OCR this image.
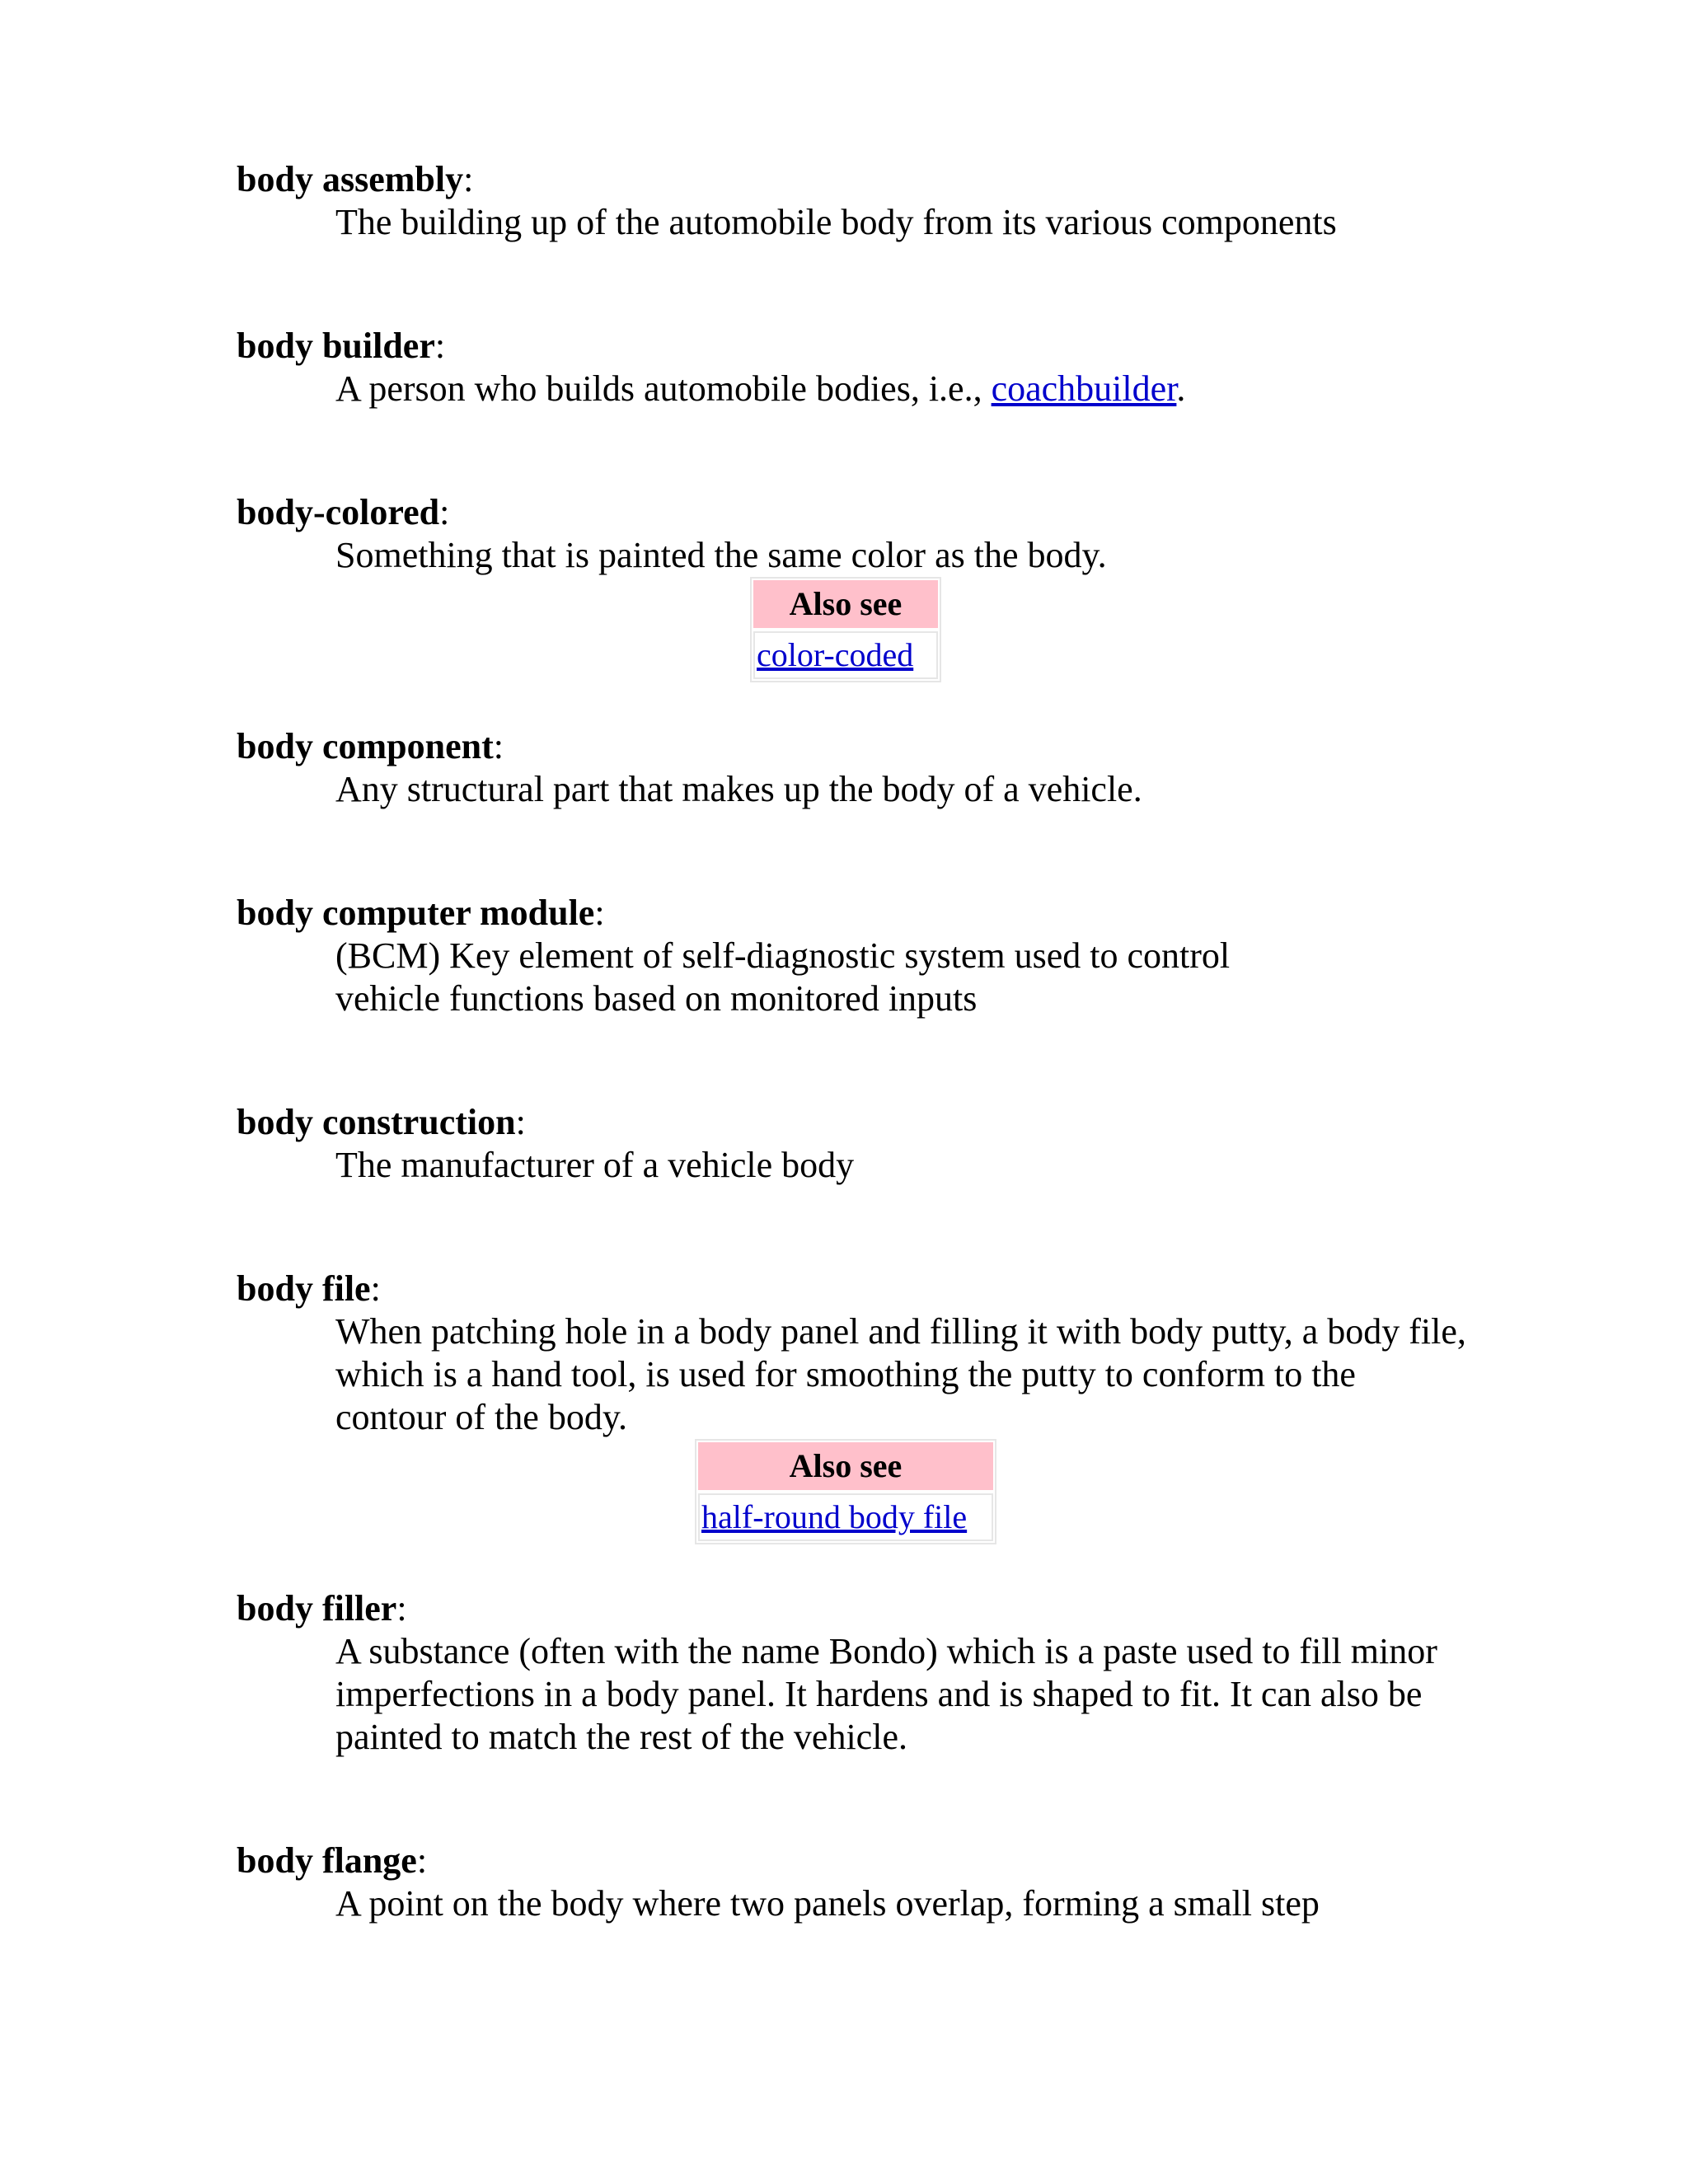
body assembly:
The building up of the automobile body from its various components
body builder:
A person who builds automobile bodies, i.e., coachbuilder.
body-colored:
Something that is painted the same color as the body.
Also see
color-coded
body component:
Any structural part that makes up the body of a vehicle.
body computer module:
(BCM) Key element of self-diagnostic system used to control vehicle functions based on monitored inputs
body construction:
The manufacturer of a vehicle body
body file:
When patching hole in a body panel and filling it with body putty, a body file, which is a hand tool, is used for smoothing the putty to conform to the contour of the body.
Also see
half-round body file
body filler:
A substance (often with the name Bondo) which is a paste used to fill minor imperfections in a body panel. It hardens and is shaped to fit. It can also be painted to match the rest of the vehicle.
body flange:
A point on the body where two panels overlap, forming a small step
